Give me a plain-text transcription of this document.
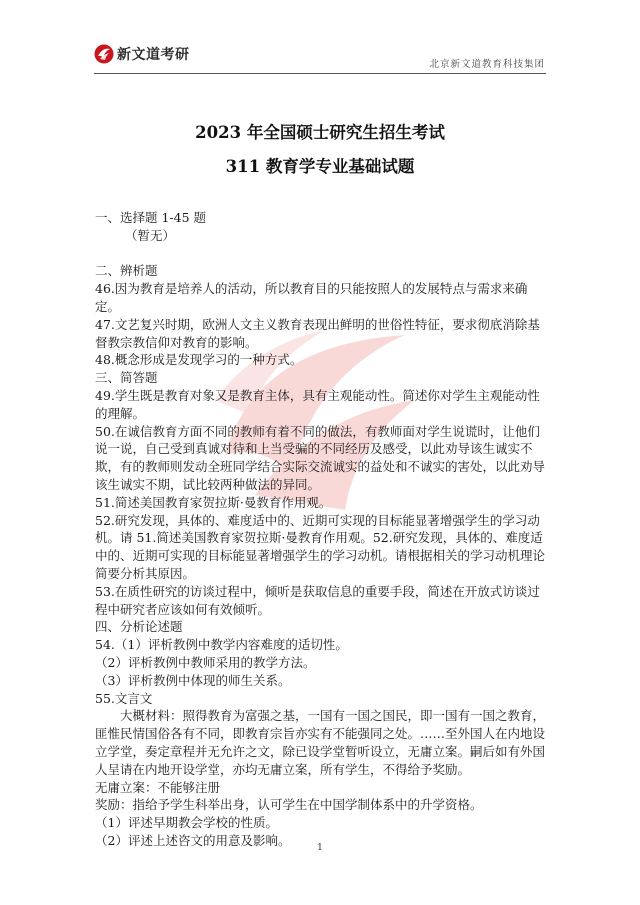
新文道考研
北京新文道教育科技集团
2023 年全国硕士研究生招生考试
311 教育学专业基础试题

一、选择题 1-45 题

（暂无）

二、辨析题

46.因为教育是培养人的活动，所以教育目的只能按照人的发展特点与需求来确定。

47.文艺复兴时期，欧洲人文主义教育表现出鲜明的世俗性特征，要求彻底消除基督教宗教信仰对教育的影响。

48.概念形成是发现学习的一种方式。

三、简答题

49.学生既是教育对象又是教育主体，具有主观能动性。简述你对学生主观能动性的理解。

50.在诚信教育方面不同的教师有着不同的做法，有教师面对学生说谎时，让他们说一说，自己受到真诚对待和上当受骗的不同经历及感受，以此劝导该生诚实不欺，有的教师则发动全班同学结合实际交流诚实的益处和不诚实的害处，以此劝导该生诚实不期，试比较两种做法的异同。

51.简述美国教育家贺拉斯·曼教育作用观。

52.研究发现，具体的、难度适中的、近期可实现的目标能显著增强学生的学习动机。请 51.简述美国教育家贺拉斯·曼教育作用观。52.研究发现，具体的、难度适中的、近期可实现的目标能显著增强学生的学习动机。请根据相关的学习动机理论简要分析其原因。

53.在质性研究的访谈过程中，倾听是获取信息的重要手段，简述在开放式访谈过程中研究者应该如何有效倾听。

四、分析论述题

54.（1）评析教例中教学内容难度的适切性。

（2）评析教例中教师采用的教学方法。

（3）评析教例中体现的师生关系。

55.文言文

大概材料：照得教育为富强之基，一国有一国之国民，即一国有一国之教育，匪惟民情国俗各有不同，即教育宗旨亦实有不能强同之处。……至外国人在内地设立学堂，奏定章程并无允许之文，除已设学堂暂听设立，无庸立案。嗣后如有外国人呈请在内地开设学堂，亦均无庸立案，所有学生，不得给予奖励。

无庸立案：不能够注册

奖励：指给予学生科举出身，认可学生在中国学制体系中的升学资格。

（1）评述早期教会学校的性质。

（2）评述上述咨文的用意及影响。

1
